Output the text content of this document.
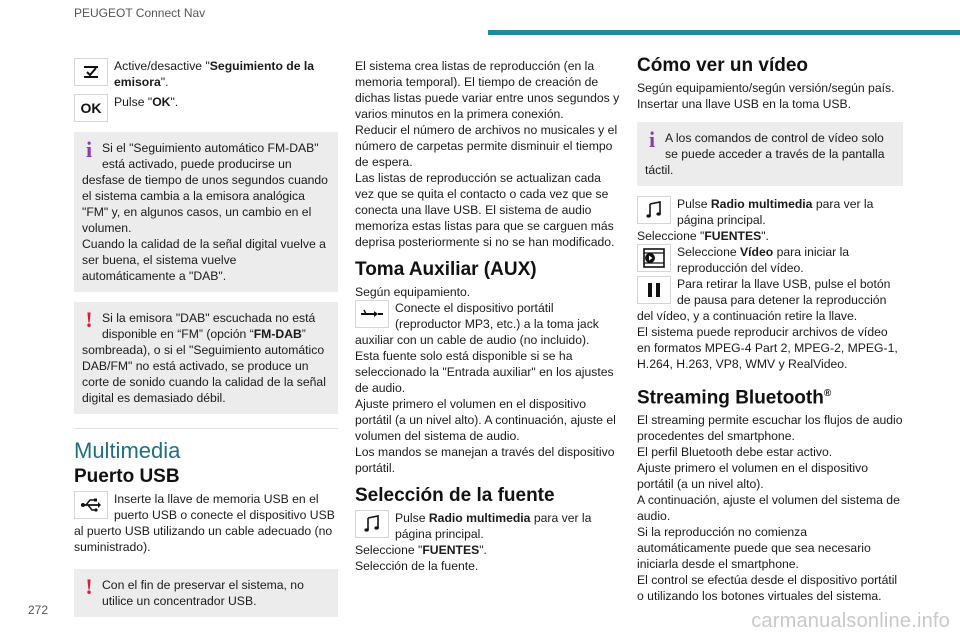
PEUGEOT Connect Nav

Active/desactive "Seguimiento de la emisora".

OK	Pulse "OK".

i Si el "Seguimiento automático FM-DAB" está activado, puede producirse un desfase de tiempo de unos segundos cuando el sistema cambia a la emisora analógica "FM" y, en algunos casos, un cambio en el volumen.

Cuando la calidad de la señal digital vuelve a ser buena, el sistema vuelve automáticamente a "DAB".

! Si la emisora "DAB" escuchada no está disponible en “FM” (opción “FM-DAB” sombreada), o si el "Seguimiento automático DAB/FM" no está activado, se produce un corte de sonido cuando la calidad de la señal digital es demasiado débil.

Multimedia
Puerto USB

Inserte la llave de memoria USB en el puerto USB o conecte el dispositivo USB al puerto USB utilizando un cable adecuado (no suministrado).

! Con el fin de preservar el sistema, no utilice un concentrador USB.

El sistema crea listas de reproducción (en la memoria temporal). El tiempo de creación de dichas listas puede variar entre unos segundos y varios minutos en la primera conexión.

Reducir el número de archivos no musicales y el número de carpetas permite disminuir el tiempo de espera.

Las listas de reproducción se actualizan cada vez que se quita el contacto o cada vez que se conecta una llave USB. El sistema de audio memoriza estas listas para que se carguen más deprisa posteriormente si no se han modificado.

Toma Auxiliar (AUX)

Según equipamiento.

Conecte el dispositivo portátil (reproductor MP3, etc.) a la toma jack auxiliar con un cable de audio (no incluido).

Esta fuente solo está disponible si se ha seleccionado la "Entrada auxiliar" en los ajustes de audio.

Ajuste primero el volumen en el dispositivo portátil (a un nivel alto). A continuación, ajuste el volumen del sistema de audio.

Los mandos se manejan a través del dispositivo portátil.

Selección de la fuente

Pulse Radio multimedia para ver la página principal.

Seleccione "FUENTES".

Selección de la fuente.

Cómo ver un vídeo

Según equipamiento/según versión/según país.

Insertar una llave USB en la toma USB.

i A los comandos de control de vídeo solo se puede acceder a través de la pantalla táctil.

Pulse Radio multimedia para ver la página principal.

Seleccione "FUENTES".

Seleccione Vídeo para iniciar la reproducción del vídeo.

Para retirar la llave USB, pulse el botón de pausa para detener la reproducción del vídeo, y a continuación retire la llave.

El sistema puede reproducir archivos de vídeo en formatos MPEG-4 Part 2, MPEG-2, MPEG-1, H.264, H.263, VP8, WMV y RealVideo.

Streaming Bluetooth®

El streaming permite escuchar los flujos de audio procedentes del smartphone.

El perfil Bluetooth debe estar activo.

Ajuste primero el volumen en el dispositivo portátil (a un nivel alto).

A continuación, ajuste el volumen del sistema de audio.

Si la reproducción no comienza automáticamente puede que sea necesario iniciarla desde el smartphone.

El control se efectúa desde el dispositivo portátil o utilizando los botones virtuales del sistema.

272	carmanualsonline.info
